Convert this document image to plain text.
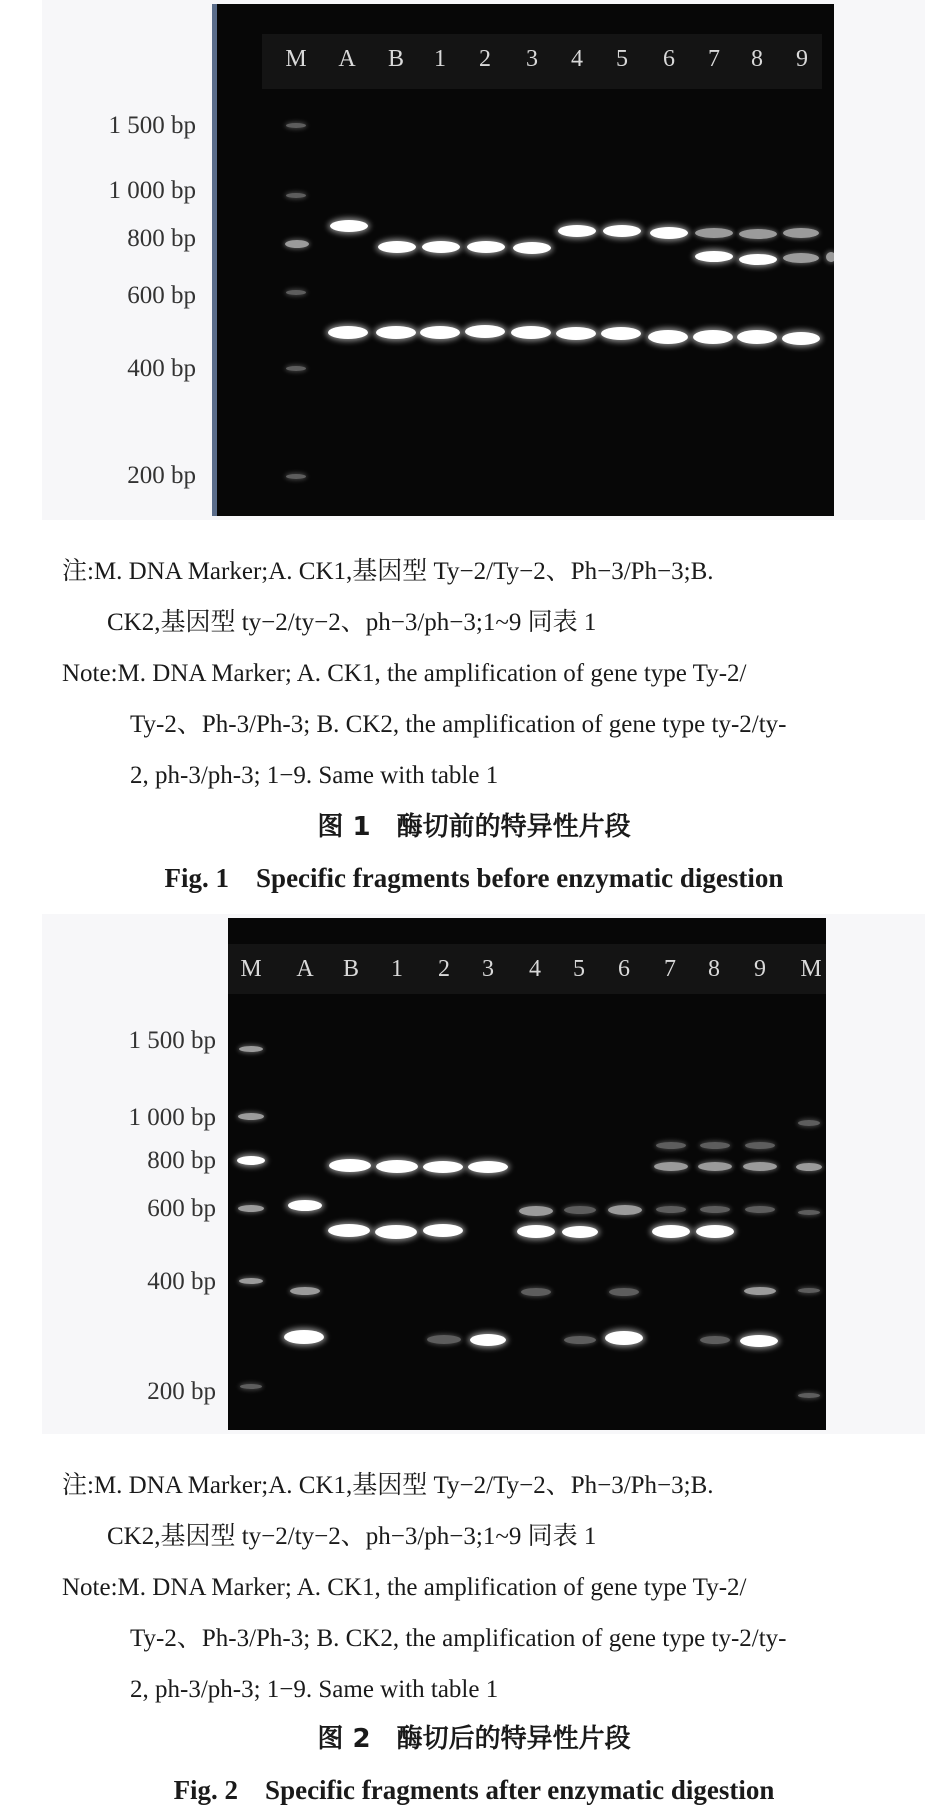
1 500 bp
1 000 bp
800 bp
600 bp
400 bp
200 bp
M A B 1 2 3 4 5 6 7 8 9
注:M. DNA Marker;A. CK1,基因型 Ty−2/Ty−2、Ph−3/Ph−3;B.
CK2,基因型 ty−2/ty−2、ph−3/ph−3;1~9 同表 1
Note:M. DNA Marker; A. CK1, the amplification of gene type Ty-2/
Ty-2、Ph-3/Ph-3; B. CK2, the amplification of gene type ty-2/ty-
2, ph-3/ph-3; 1−9. Same with table 1
图 1　酶切前的特异性片段
Fig. 1　Specific fragments before enzymatic digestion
1 500 bp
1 000 bp
800 bp
600 bp
400 bp
200 bp
M A B 1 2 3 4 5 6 7 8 9 M
注:M. DNA Marker;A. CK1,基因型 Ty−2/Ty−2、Ph−3/Ph−3;B.
CK2,基因型 ty−2/ty−2、ph−3/ph−3;1~9 同表 1
Note:M. DNA Marker; A. CK1, the amplification of gene type Ty-2/
Ty-2、Ph-3/Ph-3; B. CK2, the amplification of gene type ty-2/ty-
2, ph-3/ph-3; 1−9. Same with table 1
图 2　酶切后的特异性片段
Fig. 2　Specific fragments after enzymatic digestion
